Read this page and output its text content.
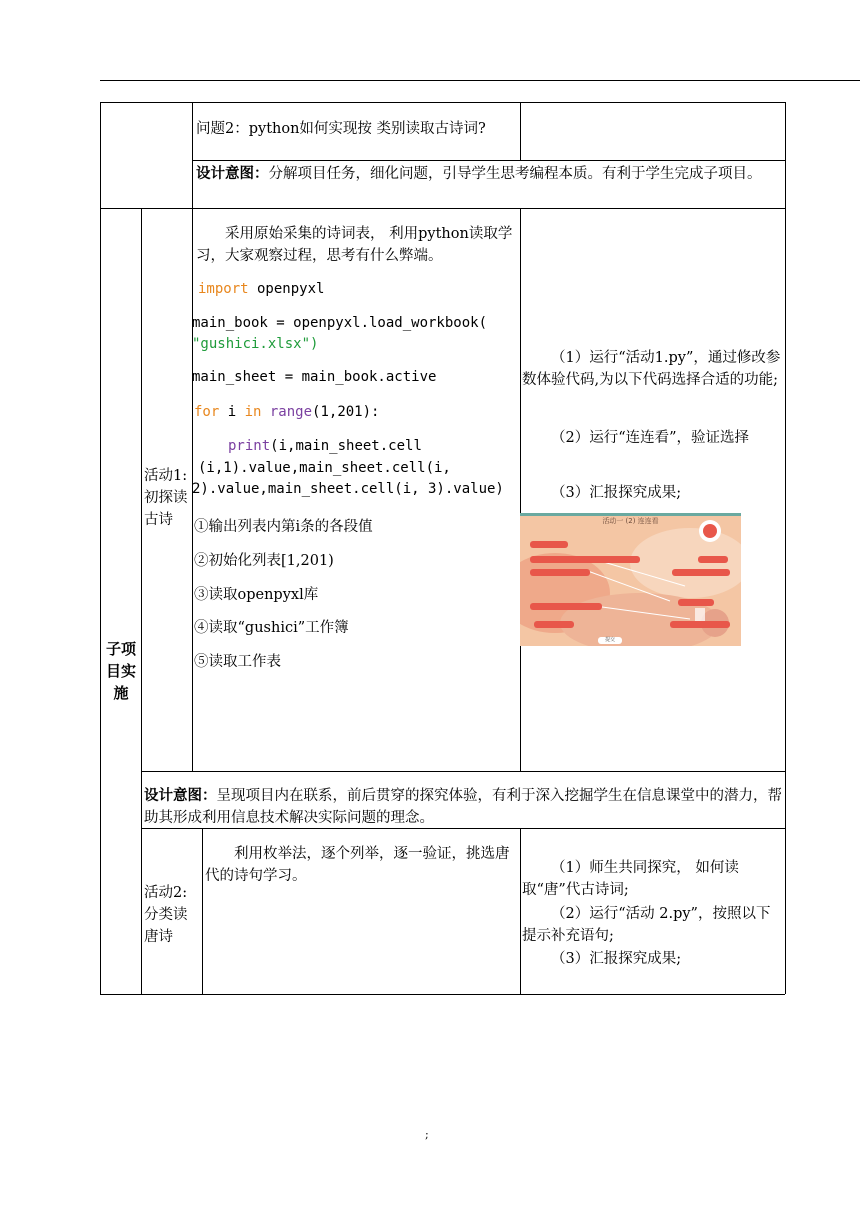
问题2：python如何实现按 类别读取古诗词?
设计意图：分解项目任务，细化问题，引导学生思考编程本质。有利于学生完成子项目。
子项目实施
活动1:初探读古诗
采用原始采集的诗词表， 利用python读取学习，大家观察过程，思考有什么弊端。
import openpyxl
main_book = openpyxl.load_workbook(
"gushici.xlsx")
main_sheet = main_book.active
for i in range(1,201):
print(i,main_sheet.cell
(i,1).value,main_sheet.cell(i,
2).value,main_sheet.cell(i, 3).value)
①输出列表内第i条的各段值
②初始化列表[1,201)
③读取openpyxl库
④读取“gushici”工作簿
⑤读取工作表
（1）运行“活动1.py”，通过修改参数体验代码,为以下代码选择合适的功能;
（2）运行“连连看”，验证选择
（3）汇报探究成果;
活动一 (2) 连连看
提交
设计意图：呈现项目内在联系，前后贯穿的探究体验，有利于深入挖掘学生在信息课堂中的潜力，帮助其形成利用信息技术解决实际问题的理念。
活动2:分类读唐诗
利用枚举法，逐个列举，逐一验证，挑选唐代的诗句学习。	（1）师生共同探究， 如何读取“唐”代古诗词;
（2）运行“活动 2.py”，按照以下提示补充语句;
（3）汇报探究成果;
;
